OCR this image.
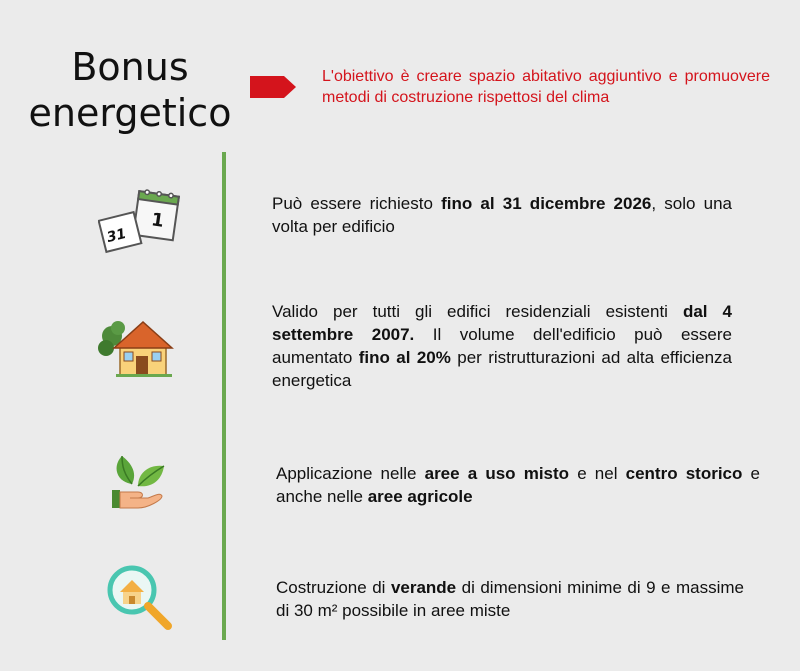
Bonus
energetico
L'obiettivo è creare spazio abitativo aggiuntivo e promuovere metodi di costruzione rispettosi del clima
1
31
Può essere richiesto fino al 31 dicembre 2026, solo una volta per edificio
Valido per tutti gli edifici residenziali esistenti dal 4 settembre 2007. Il volume dell'edificio può essere aumentato fino al 20% per ristrutturazioni ad alta efficienza energetica
Applicazione nelle aree a uso misto e nel centro storico e anche nelle aree agricole
Costruzione di verande di dimensioni minime di 9 e massime di 30 m² possibile in aree miste
